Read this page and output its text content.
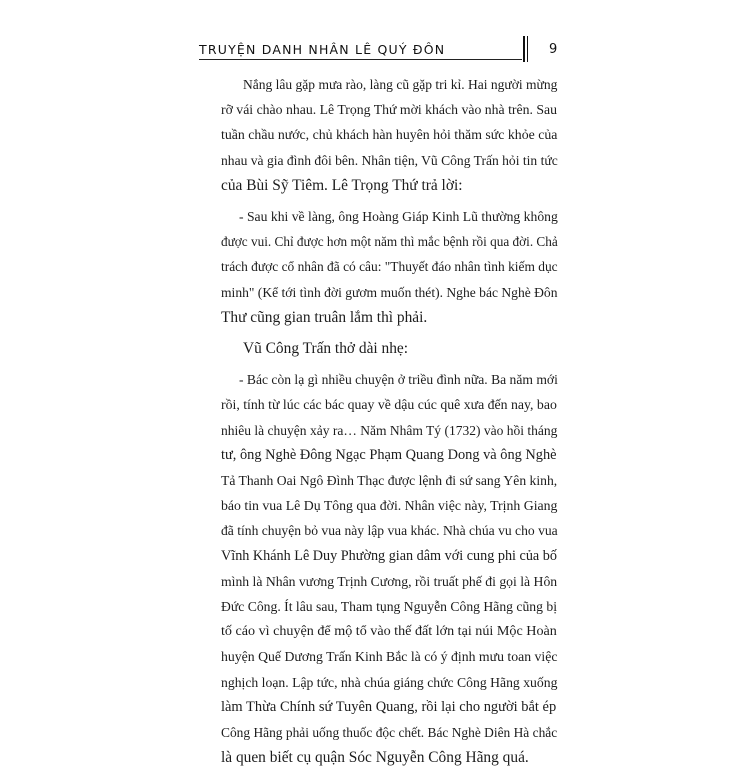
TRUYỆN DANH NHÂN LÊ QUÝ ĐÔN	9
Nắng lâu gặp mưa rào, làng cũ gặp tri kỉ. Hai người mừng
rỡ vái chào nhau. Lê Trọng Thứ mời khách vào nhà trên. Sau
tuần chầu nước, chủ khách hàn huyên hỏi thăm sức khỏe của
nhau và gia đình đôi bên. Nhân tiện, Vũ Công Trấn hỏi tin tức
của Bùi Sỹ Tiêm. Lê Trọng Thứ trả lời:
- Sau khi về làng, ông Hoàng Giáp Kinh Lũ thường không
được vui. Chỉ được hơn một năm thì mắc bệnh rồi qua đời. Chả
trách được cổ nhân đã có câu: "Thuyết đáo nhân tình kiếm dục
minh" (Kể tới tình đời gươm muốn thét). Nghe bác Nghè Đôn
Thư cũng gian truân lắm thì phải.
Vũ Công Trấn thở dài nhẹ:
- Bác còn lạ gì nhiều chuyện ở triều đình nữa. Ba năm mới
rồi, tính từ lúc các bác quay về dậu cúc quê xưa đến nay, bao
nhiêu là chuyện xảy ra… Năm Nhâm Tý (1732) vào hồi tháng
tư, ông Nghè Đông Ngạc Phạm Quang Dong và ông Nghè
Tả Thanh Oai Ngô Đình Thạc được lệnh đi sứ sang Yên kinh,
báo tin vua Lê Dụ Tông qua đời. Nhân việc này, Trịnh Giang
đã tính chuyện bỏ vua này lập vua khác. Nhà chúa vu cho vua
Vĩnh Khánh Lê Duy Phường gian dâm với cung phi của bố
mình là Nhân vương Trịnh Cương, rồi truất phế đi gọi là Hôn
Đức Công. Ít lâu sau, Tham tụng Nguyễn Công Hãng cũng bị
tố cáo vì chuyện để mộ tổ vào thế đất lớn tại núi Mộc Hoàn
huyện Quế Dương Trấn Kinh Bắc là có ý định mưu toan việc
nghịch loạn. Lập tức, nhà chúa giáng chức Công Hãng xuống
làm Thừa Chính sứ Tuyên Quang, rồi lại cho người bắt ép
Công Hãng phải uống thuốc độc chết. Bác Nghè Diên Hà chắc
là quen biết cụ quận Sóc Nguyễn Công Hãng quá.
